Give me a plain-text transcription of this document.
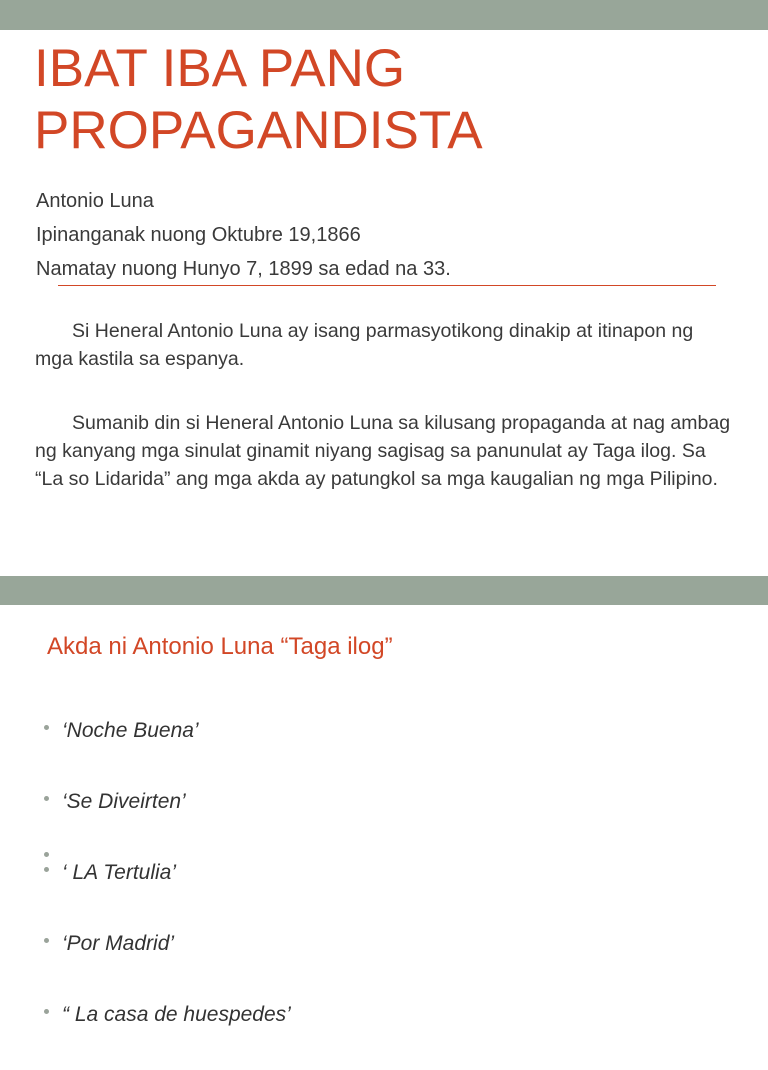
IBAT IBA PANG
PROPAGANDISTA
Antonio Luna
Ipinanganak nuong Oktubre 19,1866
Namatay nuong Hunyo 7, 1899 sa edad na 33.
Si Heneral Antonio Luna ay isang parmasyotikong dinakip at itinapon ng mga kastila sa espanya.
Sumanib din si Heneral Antonio Luna sa kilusang propaganda at nag ambag ng kanyang mga sinulat ginamit niyang sagisag sa panunulat ay Taga ilog. Sa “La so Lidarida” ang mga akda ay patungkol sa mga kaugalian ng mga Pilipino.
Akda ni Antonio Luna “Taga ilog”
‘Noche Buena’
‘Se Diveirten’
‘ LA Tertulia’
‘Por Madrid’
“ La casa de huespedes’
